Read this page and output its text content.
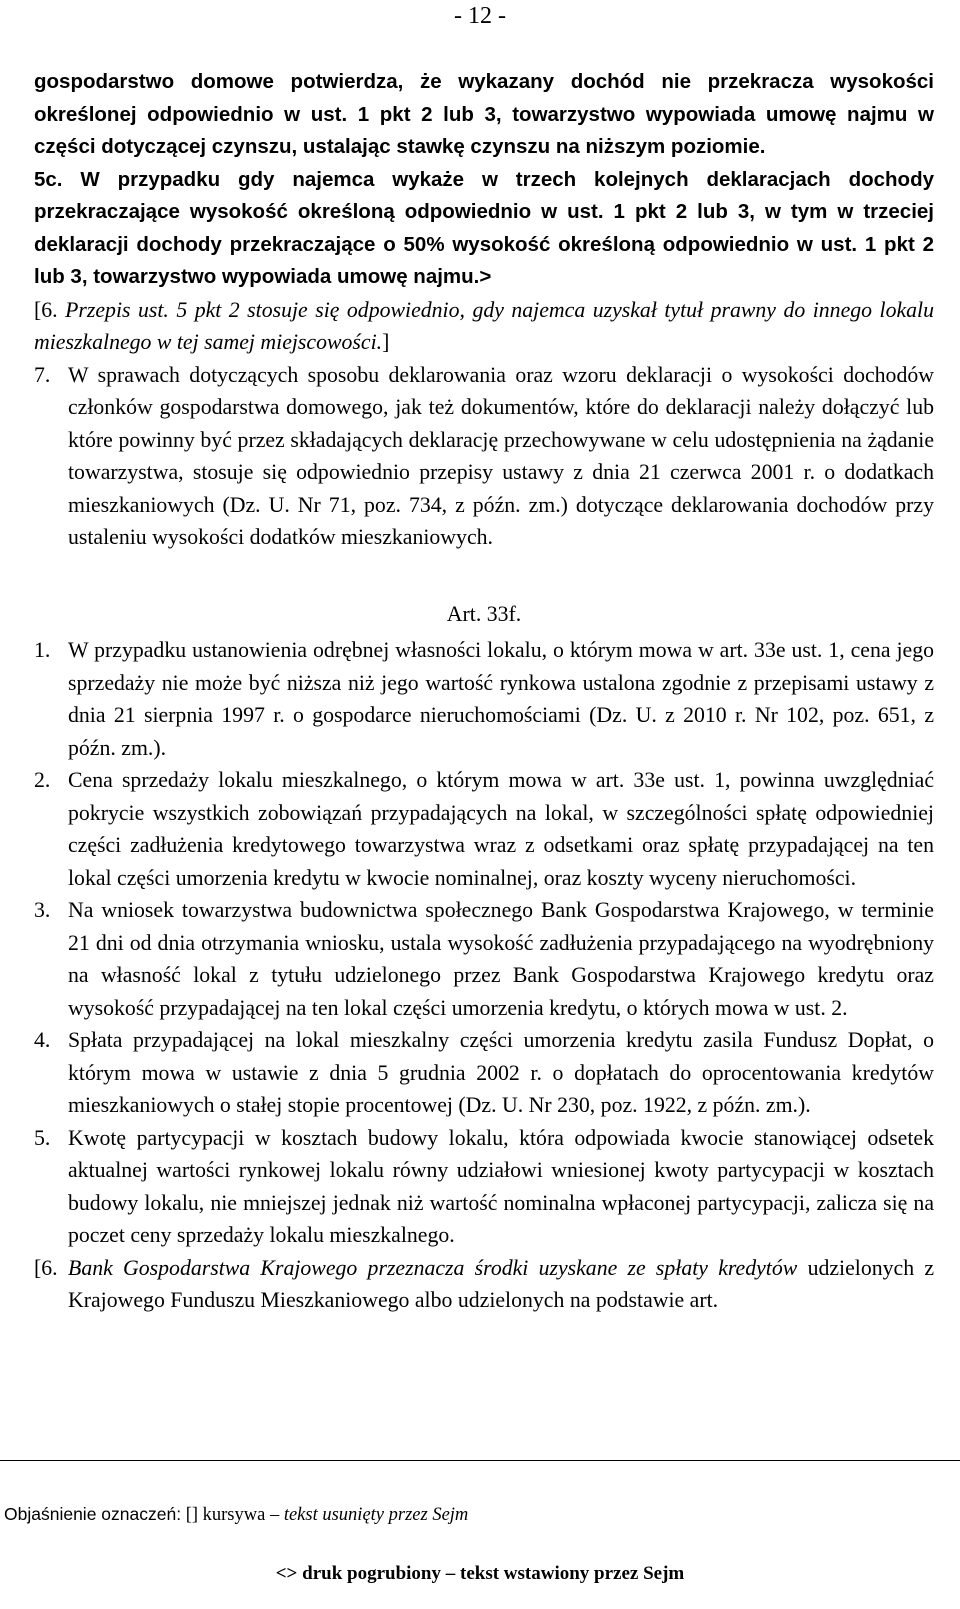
- 12 -
gospodarstwo domowe potwierdza, że wykazany dochód nie przekracza wysokości określonej odpowiednio w ust. 1 pkt 2 lub 3, towarzystwo wypowiada umowę najmu w części dotyczącej czynszu, ustalając stawkę czynszu na niższym poziomie.
5c. W przypadku gdy najemca wykaże w trzech kolejnych deklaracjach dochody przekraczające wysokość określoną odpowiednio w ust. 1 pkt 2 lub 3, w tym w trzeciej deklaracji dochody przekraczające o 50% wysokość określoną odpowiednio w ust. 1 pkt 2 lub 3, towarzystwo wypowiada umowę najmu.>
[6. Przepis ust. 5 pkt 2 stosuje się odpowiednio, gdy najemca uzyskał tytuł prawny do innego lokalu mieszkalnego w tej samej miejscowości.]
7. W sprawach dotyczących sposobu deklarowania oraz wzoru deklaracji o wysokości dochodów członków gospodarstwa domowego, jak też dokumentów, które do deklaracji należy dołączyć lub które powinny być przez składających deklarację przechowywane w celu udostępnienia na żądanie towarzystwa, stosuje się odpowiednio przepisy ustawy z dnia 21 czerwca 2001 r. o dodatkach mieszkaniowych (Dz. U. Nr 71, poz. 734, z późn. zm.) dotyczące deklarowania dochodów przy ustaleniu wysokości dodatków mieszkaniowych.
Art. 33f.
1. W przypadku ustanowienia odrębnej własności lokalu, o którym mowa w art. 33e ust. 1, cena jego sprzedaży nie może być niższa niż jego wartość rynkowa ustalona zgodnie z przepisami ustawy z dnia 21 sierpnia 1997 r. o gospodarce nieruchomościami (Dz. U. z 2010 r. Nr 102, poz. 651, z późn. zm.).
2. Cena sprzedaży lokalu mieszkalnego, o którym mowa w art. 33e ust. 1, powinna uwzględniać pokrycie wszystkich zobowiązań przypadających na lokal, w szczególności spłatę odpowiedniej części zadłużenia kredytowego towarzystwa wraz z odsetkami oraz spłatę przypadającej na ten lokal części umorzenia kredytu w kwocie nominalnej, oraz koszty wyceny nieruchomości.
3. Na wniosek towarzystwa budownictwa społecznego Bank Gospodarstwa Krajowego, w terminie 21 dni od dnia otrzymania wniosku, ustala wysokość zadłużenia przypadającego na wyodrębniony na własność lokal z tytułu udzielonego przez Bank Gospodarstwa Krajowego kredytu oraz wysokość przypadającej na ten lokal części umorzenia kredytu, o których mowa w ust. 2.
4. Spłata przypadającej na lokal mieszkalny części umorzenia kredytu zasila Fundusz Dopłat, o którym mowa w ustawie z dnia 5 grudnia 2002 r. o dopłatach do oprocentowania kredytów mieszkaniowych o stałej stopie procentowej (Dz. U. Nr 230, poz. 1922, z późn. zm.).
5. Kwotę partycypacji w kosztach budowy lokalu, która odpowiada kwocie stanowiącej odsetek aktualnej wartości rynkowej lokalu równy udziałowi wniesionej kwoty partycypacji w kosztach budowy lokalu, nie mniejszej jednak niż wartość nominalna wpłaconej partycypacji, zalicza się na poczet ceny sprzedaży lokalu mieszkalnego.
[6. Bank Gospodarstwa Krajowego przeznacza środki uzyskane ze spłaty kredytów udzielonych z Krajowego Funduszu Mieszkaniowego albo udzielonych na podstawie art.
Objaśnienie oznaczeń: [] kursywa – tekst usunięty przez Sejm
<> druk pogrubiony – tekst wstawiony przez Sejm
